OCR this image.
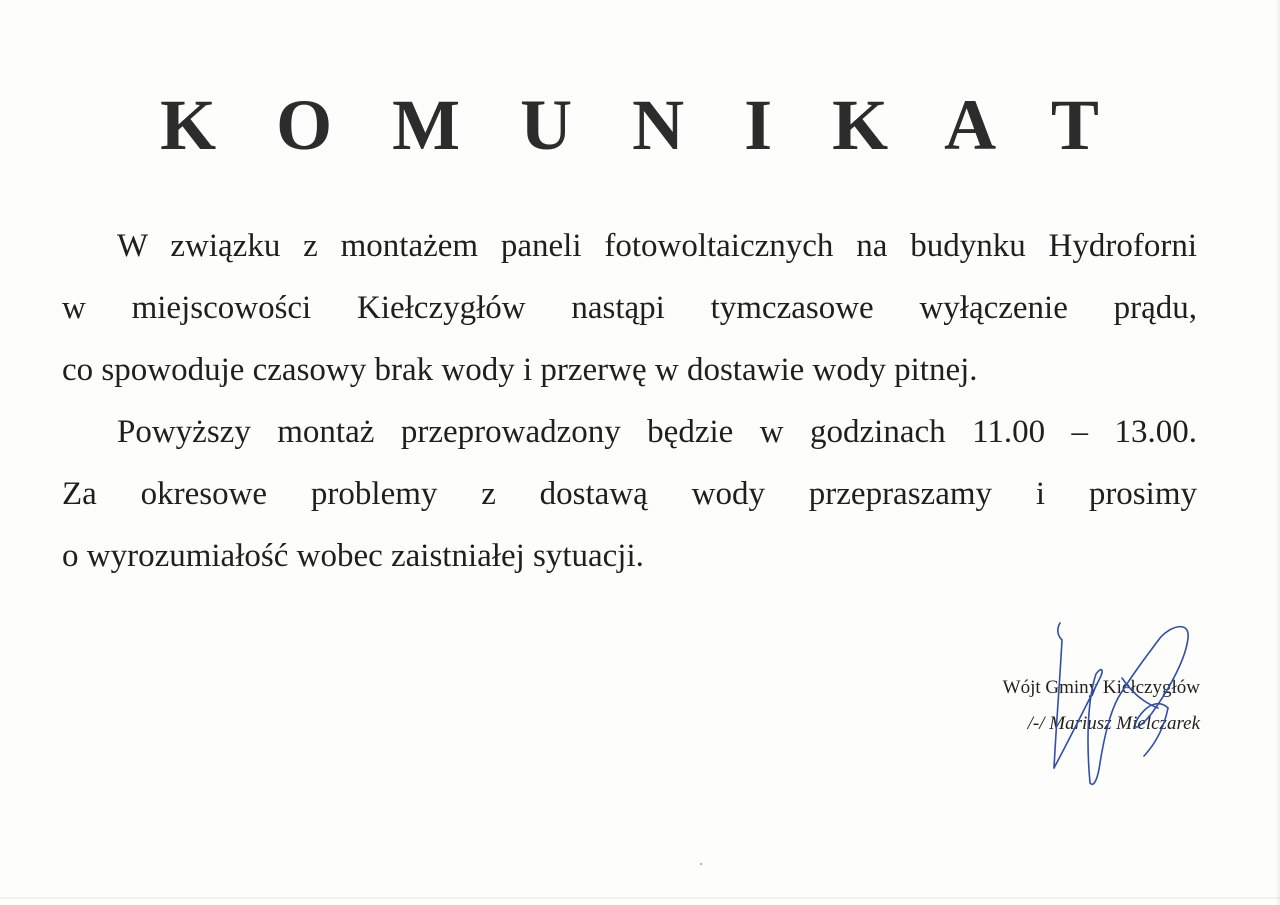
K O M U N I K A T
W związku z montażem paneli fotowoltaicznych na budynku Hydroforni
w miejscowości Kiełczygłów nastąpi tymczasowe wyłączenie prądu,
co spowoduje czasowy brak wody i przerwę w dostawie wody pitnej.
Powyższy montaż przeprowadzony będzie w godzinach 11.00 – 13.00.
Za okresowe problemy z dostawą wody przepraszamy i prosimy
o wyrozumiałość wobec zaistniałej sytuacji.
Wójt Gminy Kiełczygłów
/-/ Mariusz Mielczarek
